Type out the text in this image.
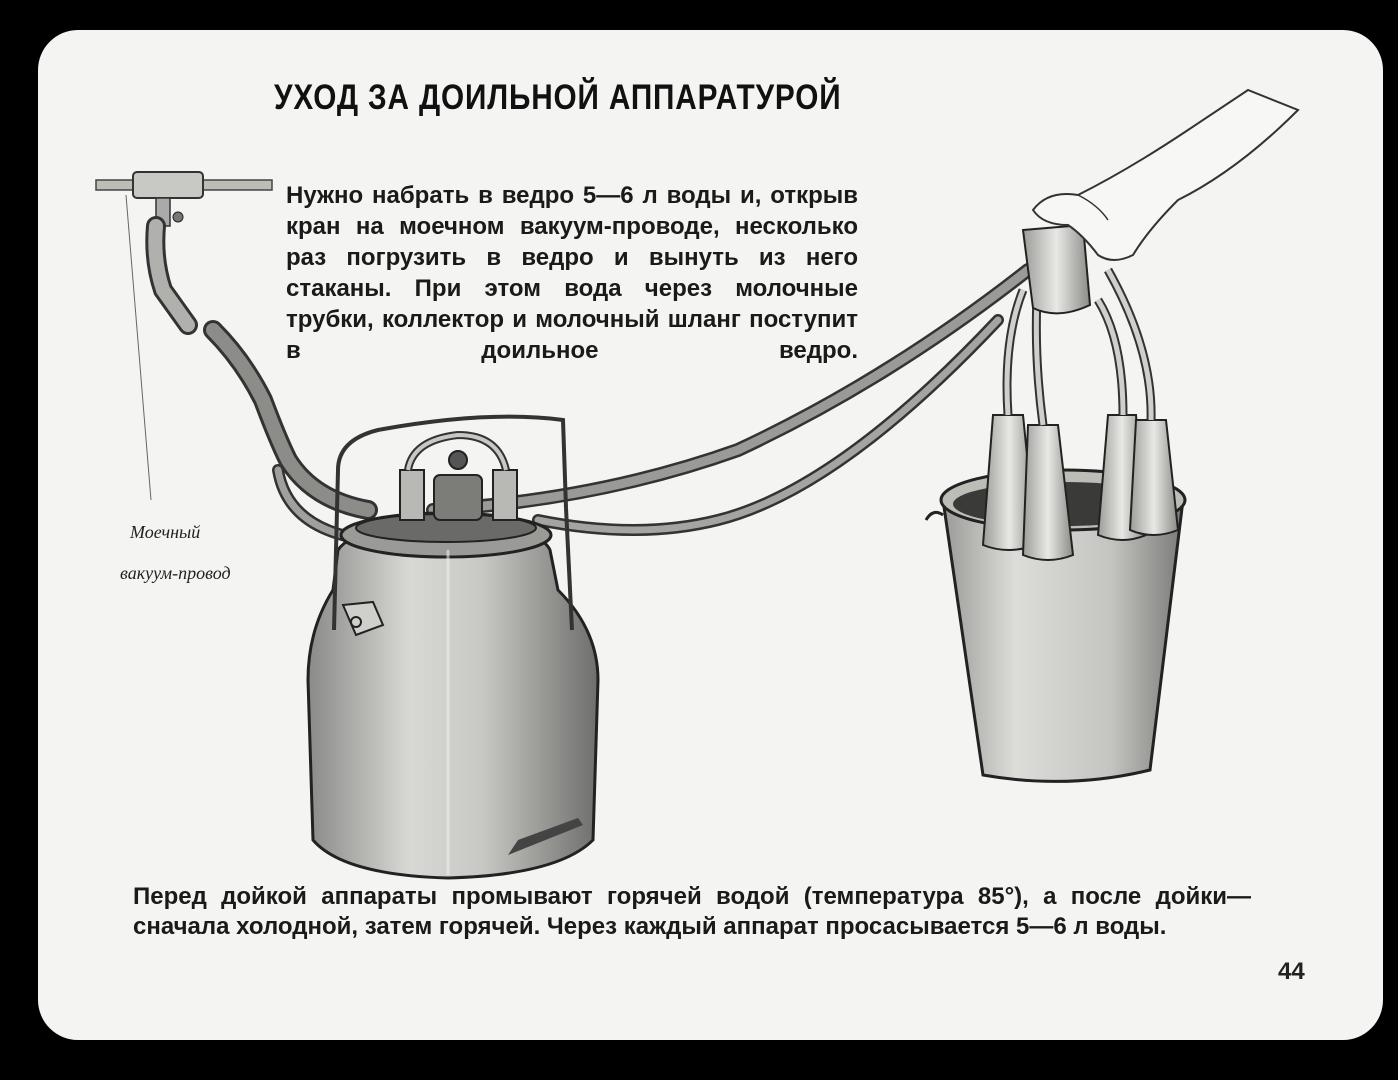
УХОД ЗА ДОИЛЬНОЙ АППАРАТУРОЙ
Нужно набрать в ведро 5—6 л воды и, открыв кран на моечном вакуум-проводе, несколько раз погрузить в ведро и вынуть из него стаканы. При этом вода через молочные трубки, коллектор и молочный шланг поступит в доильное ведро.
Моечный
вакуум-провод
Перед дойкой аппараты промывают горячей водой (температура 85°), а после дойки—сначала холодной, затем горячей. Через каждый аппарат просасывается 5—6 л воды.
44
